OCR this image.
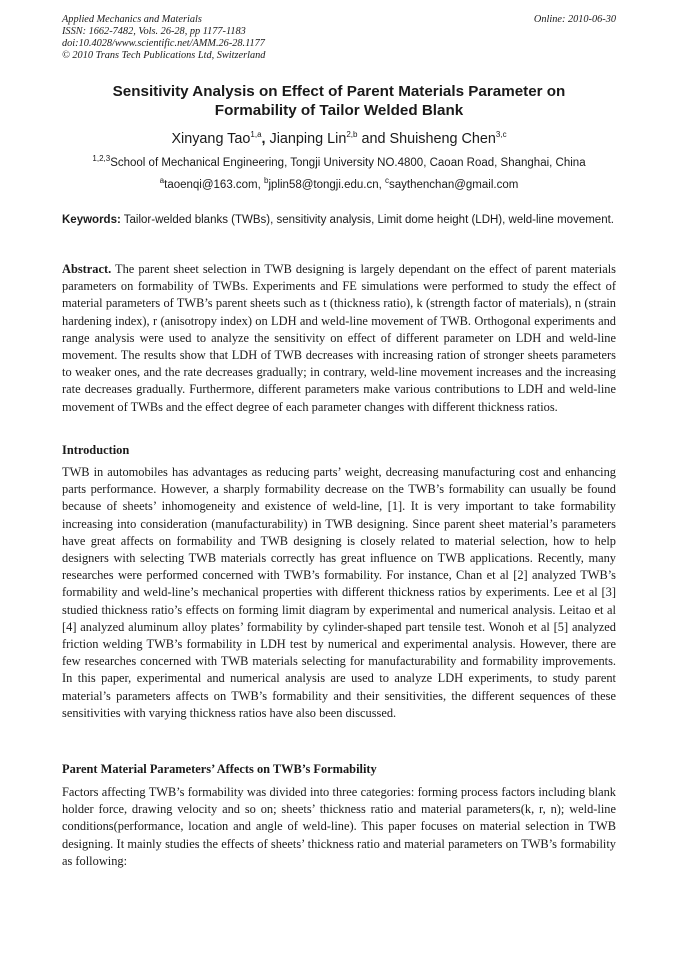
Applied Mechanics and Materials
ISSN: 1662-7482, Vols. 26-28, pp 1177-1183
doi:10.4028/www.scientific.net/AMM.26-28.1177
© 2010 Trans Tech Publications Ltd, Switzerland
Online: 2010-06-30
Sensitivity Analysis on Effect of Parent Materials Parameter on
Formability of Tailor Welded Blank
Xinyang Tao$^{1,a}$, Jianping Lin$^{2,b}$ and Shuisheng Chen$^{3,c}$
$^{1,2,3}$School of Mechanical Engineering, Tongji University NO.4800, Caoan Road, Shanghai, China
$^a$taoenqi@163.com, $^b$jplin58@tongji.edu.cn, $^c$saythenchan@gmail.com
Keywords: Tailor-welded blanks (TWBs), sensitivity analysis, Limit dome height (LDH), weld-line movement.
Abstract. The parent sheet selection in TWB designing is largely dependant on the effect of parent materials parameters on formability of TWBs. Experiments and FE simulations were performed to study the effect of material parameters of TWB’s parent sheets such as t (thickness ratio), k (strength factor of materials), n (strain hardening index), r (anisotropy index) on LDH and weld-line movement of TWB. Orthogonal experiments and range analysis were used to analyze the sensitivity on effect of different parameter on LDH and weld-line movement. The results show that LDH of TWB decreases with increasing ration of stronger sheets parameters to weaker ones, and the rate decreases gradually; in contrary, weld-line movement increases and the increasing rate decreases gradually. Furthermore, different parameters make various contributions to LDH and weld-line movement of TWBs and the effect degree of each parameter changes with different thickness ratios.
Introduction
TWB in automobiles has advantages as reducing parts’ weight, decreasing manufacturing cost and enhancing parts performance. However, a sharply formability decrease on the TWB’s formability can usually be found because of sheets’ inhomogeneity and existence of weld-line, [1]. It is very important to take formability increasing into consideration (manufacturability) in TWB designing. Since parent sheet material’s parameters have great affects on formability and TWB designing is closely related to material selection, how to help designers with selecting TWB materials correctly has great influence on TWB applications. Recently, many researches were performed concerned with TWB’s formability. For instance, Chan et al [2] analyzed TWB’s formability and weld-line’s mechanical properties with different thickness ratios by experiments. Lee et al [3] studied thickness ratio’s effects on forming limit diagram by experimental and numerical analysis. Leitao et al [4] analyzed aluminum alloy plates’ formability by cylinder-shaped part tensile test. Wonoh et al [5] analyzed friction welding TWB’s formability in LDH test by numerical and experimental analysis. However, there are few researches concerned with TWB materials selecting for manufacturability and formability improvements. In this paper, experimental and numerical analysis are used to analyze LDH experiments, to study parent material’s parameters affects on TWB’s formability and their sensitivities, the different sequences of these sensitivities with varying thickness ratios have also been discussed.
Parent Material Parameters’ Affects on TWB’s Formability
Factors affecting TWB’s formability was divided into three categories: forming process factors including blank holder force, drawing velocity and so on; sheets’ thickness ratio and material parameters(k, r, n); weld-line conditions(performance, location and angle of weld-line). This paper focuses on material selection in TWB designing. It mainly studies the effects of sheets’ thickness ratio and material parameters on TWB’s formability as following:
